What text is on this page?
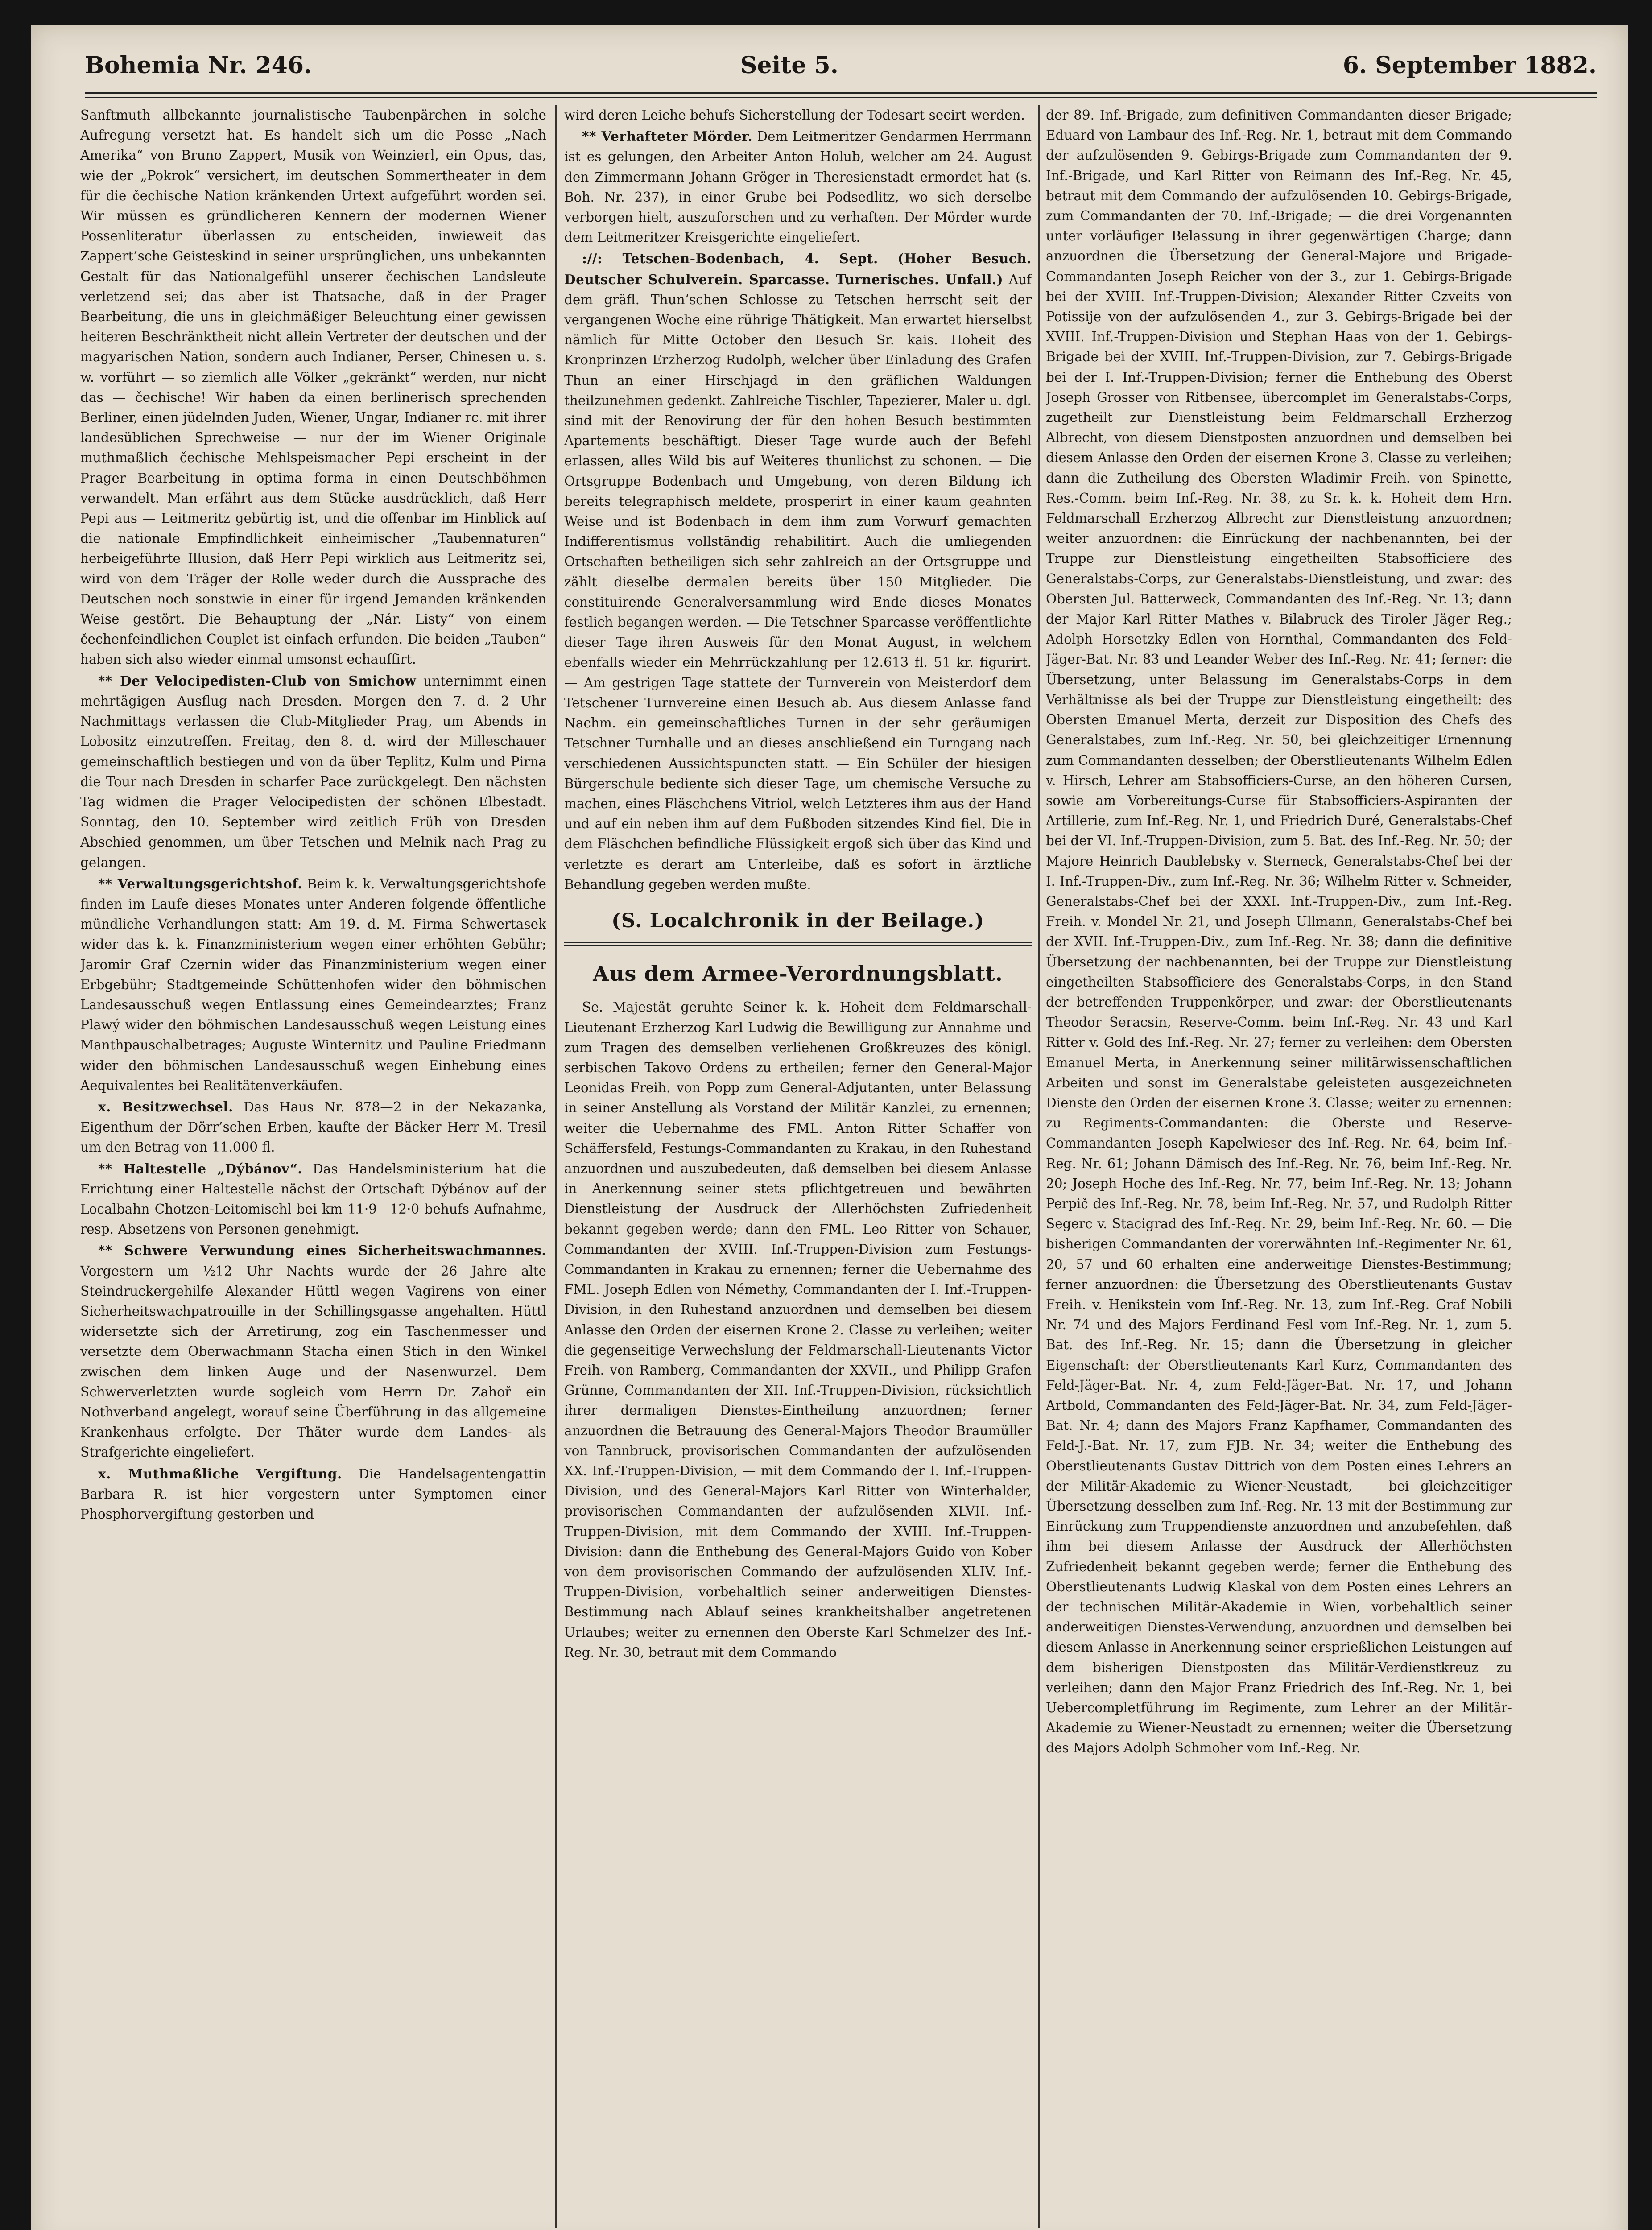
Bohemia Nr. 246.	Seite 5.	6. September 1882.

Sanftmuth allbekannte journalistische Taubenpärchen in solche Aufregung versetzt hat. Es handelt sich um die Posse „Nach Amerika“ von Bruno Zappert, Musik von Weinzierl, ein Opus, das, wie der „Pokrok“ versichert, im deutschen Sommertheater in dem für die čechische Nation kränkenden Urtext aufgeführt worden sei. Wir müssen es gründlicheren Kennern der modernen Wiener Possenliteratur überlassen zu entscheiden, inwieweit das Zappert’sche Geisteskind in seiner ursprünglichen, uns unbekannten Gestalt für das Nationalgefühl unserer čechischen Landsleute verletzend sei; das aber ist Thatsache, daß in der Prager Bearbeitung, die uns in gleichmäßiger Beleuchtung einer gewissen heiteren Beschränktheit nicht allein Vertreter der deutschen und der magyarischen Nation, sondern auch Indianer, Perser, Chinesen u. s. w. vorführt — so ziemlich alle Völker „gekränkt“ werden, nur nicht das — čechische! Wir haben da einen berlinerisch sprechenden Berliner, einen jüdelnden Juden, Wiener, Ungar, Indianer rc. mit ihrer landesüblichen Sprechweise — nur der im Wiener Originale muthmaßlich čechische Mehlspeismacher Pepi erscheint in der Prager Bearbeitung in optima forma in einen Deutschböhmen verwandelt. Man erfährt aus dem Stücke ausdrücklich, daß Herr Pepi aus — Leitmeritz gebürtig ist, und die offenbar im Hinblick auf die nationale Empfindlichkeit einheimischer „Taubennaturen“ herbeigeführte Illusion, daß Herr Pepi wirklich aus Leitmeritz sei, wird von dem Träger der Rolle weder durch die Aussprache des Deutschen noch sonstwie in einer für irgend Jemanden kränkenden Weise gestört. Die Behauptung der „Nár. Listy“ von einem čechenfeindlichen Couplet ist einfach erfunden. Die beiden „Tauben“ haben sich also wieder einmal umsonst echauffirt.

** Der Velocipedisten-Club von Smichow unternimmt einen mehrtägigen Ausflug nach Dresden. Morgen den 7. d. 2 Uhr Nachmittags verlassen die Club-Mitglieder Prag, um Abends in Lobositz einzutreffen. Freitag, den 8. d. wird der Milleschauer gemeinschaftlich bestiegen und von da über Teplitz, Kulm und Pirna die Tour nach Dresden in scharfer Pace zurückgelegt. Den nächsten Tag widmen die Prager Velocipedisten der schönen Elbestadt. Sonntag, den 10. September wird zeitlich Früh von Dresden Abschied genommen, um über Tetschen und Melnik nach Prag zu gelangen.

** Verwaltungsgerichtshof. Beim k. k. Verwaltungsgerichtshofe finden im Laufe dieses Monates unter Anderen folgende öffentliche mündliche Verhandlungen statt: Am 19. d. M. Firma Schwertasek wider das k. k. Finanzministerium wegen einer erhöhten Gebühr; Jaromir Graf Czernin wider das Finanzministerium wegen einer Erbgebühr; Stadtgemeinde Schüttenhofen wider den böhmischen Landesausschuß wegen Entlassung eines Gemeindearztes; Franz Plawý wider den böhmischen Landesausschuß wegen Leistung eines Manthpauschalbetrages; Auguste Winternitz und Pauline Friedmann wider den böhmischen Landesausschuß wegen Einhebung eines Aequivalentes bei Realitätenverkäufen.

x. Besitzwechsel. Das Haus Nr. 878—2 in der Nekazanka, Eigenthum der Dörr’schen Erben, kaufte der Bäcker Herr M. Tresil um den Betrag von 11.000 fl.

** Haltestelle „Dýbánov“. Das Handelsministerium hat die Errichtung einer Haltestelle nächst der Ortschaft Dýbánov auf der Localbahn Chotzen-Leitomischl bei km 11·9—12·0 behufs Aufnahme, resp. Absetzens von Personen genehmigt.

** Schwere Verwundung eines Sicherheitswachmannes. Vorgestern um ½12 Uhr Nachts wurde der 26 Jahre alte Steindruckergehilfe Alexander Hüttl wegen Vagirens von einer Sicherheitswachpatrouille in der Schillingsgasse angehalten. Hüttl widersetzte sich der Arretirung, zog ein Taschenmesser und versetzte dem Oberwachmann Stacha einen Stich in den Winkel zwischen dem linken Auge und der Nasenwurzel. Dem Schwerverletzten wurde sogleich vom Herrn Dr. Zahoř ein Nothverband angelegt, worauf seine Überführung in das allgemeine Krankenhaus erfolgte. Der Thäter wurde dem Landes- als Strafgerichte eingeliefert.

x. Muthmaßliche Vergiftung. Die Handelsagentengattin Barbara R. ist hier vorgestern unter Symptomen einer Phosphorvergiftung gestorben und

wird deren Leiche behufs Sicherstellung der Todesart secirt werden.

** Verhafteter Mörder. Dem Leitmeritzer Gendarmen Herrmann ist es gelungen, den Arbeiter Anton Holub, welcher am 24. August den Zimmermann Johann Gröger in Theresienstadt ermordet hat (s. Boh. Nr. 237), in einer Grube bei Podsedlitz, wo sich derselbe verborgen hielt, auszuforschen und zu verhaften. Der Mörder wurde dem Leitmeritzer Kreisgerichte eingeliefert.

://: Tetschen-Bodenbach, 4. Sept. (Hoher Besuch. Deutscher Schulverein. Sparcasse. Turnerisches. Unfall.) Auf dem gräfl. Thun’schen Schlosse zu Tetschen herrscht seit der vergangenen Woche eine rührige Thätigkeit. Man erwartet hierselbst nämlich für Mitte October den Besuch Sr. kais. Hoheit des Kronprinzen Erzherzog Rudolph, welcher über Einladung des Grafen Thun an einer Hirschjagd in den gräflichen Waldungen theilzunehmen gedenkt. Zahlreiche Tischler, Tapezierer, Maler u. dgl. sind mit der Renovirung der für den hohen Besuch bestimmten Apartements beschäftigt. Dieser Tage wurde auch der Befehl erlassen, alles Wild bis auf Weiteres thunlichst zu schonen. — Die Ortsgruppe Bodenbach und Umgebung, von deren Bildung ich bereits telegraphisch meldete, prosperirt in einer kaum geahnten Weise und ist Bodenbach in dem ihm zum Vorwurf gemachten Indifferentismus vollständig rehabilitirt. Auch die umliegenden Ortschaften betheiligen sich sehr zahlreich an der Ortsgruppe und zählt dieselbe dermalen bereits über 150 Mitglieder. Die constituirende Generalversammlung wird Ende dieses Monates festlich begangen werden. — Die Tetschner Sparcasse veröffentlichte dieser Tage ihren Ausweis für den Monat August, in welchem ebenfalls wieder ein Mehrrückzahlung per 12.613 fl. 51 kr. figurirt. — Am gestrigen Tage stattete der Turnverein von Meisterdorf dem Tetschener Turnvereine einen Besuch ab. Aus diesem Anlasse fand Nachm. ein gemeinschaftliches Turnen in der sehr geräumigen Tetschner Turnhalle und an dieses anschließend ein Turngang nach verschiedenen Aussichtspuncten statt. — Ein Schüler der hiesigen Bürgerschule bediente sich dieser Tage, um chemische Versuche zu machen, eines Fläschchens Vitriol, welch Letzteres ihm aus der Hand und auf ein neben ihm auf dem Fußboden sitzendes Kind fiel. Die in dem Fläschchen befindliche Flüssigkeit ergoß sich über das Kind und verletzte es derart am Unterleibe, daß es sofort in ärztliche Behandlung gegeben werden mußte.

(S. Localchronik in der Beilage.)
Aus dem Armee-Verordnungsblatt.

Se. Majestät geruhte Seiner k. k. Hoheit dem Feldmarschall-Lieutenant Erzherzog Karl Ludwig die Bewilligung zur Annahme und zum Tragen des demselben verliehenen Großkreuzes des königl. serbischen Takovo Ordens zu ertheilen; ferner den General-Major Leonidas Freih. von Popp zum General-Adjutanten, unter Belassung in seiner Anstellung als Vorstand der Militär Kanzlei, zu ernennen; weiter die Uebernahme des FML. Anton Ritter Schaffer von Schäffersfeld, Festungs-Commandanten zu Krakau, in den Ruhestand anzuordnen und auszubedeuten, daß demselben bei diesem Anlasse in Anerkennung seiner stets pflichtgetreuen und bewährten Dienstleistung der Ausdruck der Allerhöchsten Zufriedenheit bekannt gegeben werde; dann den FML. Leo Ritter von Schauer, Commandanten der XVIII. Inf.-Truppen-Division zum Festungs-Commandanten in Krakau zu ernennen; ferner die Uebernahme des FML. Joseph Edlen von Némethy, Commandanten der I. Inf.-Truppen-Division, in den Ruhestand anzuordnen und demselben bei diesem Anlasse den Orden der eisernen Krone 2. Classe zu verleihen; weiter die gegenseitige Verwechslung der Feldmarschall-Lieutenants Victor Freih. von Ramberg, Commandanten der XXVII., und Philipp Grafen Grünne, Commandanten der XII. Inf.-Truppen-Division, rücksichtlich ihrer dermaligen Dienstes-Eintheilung anzuordnen; ferner anzuordnen die Betrauung des General-Majors Theodor Braumüller von Tannbruck, provisorischen Commandanten der aufzulösenden XX. Inf.-Truppen-Division, — mit dem Commando der I. Inf.-Truppen-Division, und des General-Majors Karl Ritter von Winterhalder, provisorischen Commandanten der aufzulösenden XLVII. Inf.-Truppen-Division, mit dem Commando der XVIII. Inf.-Truppen-Division: dann die Enthebung des General-Majors Guido von Kober von dem provisorischen Commando der aufzulösenden XLIV. Inf.-Truppen-Division, vorbehaltlich seiner anderweitigen Dienstes-Bestimmung nach Ablauf seines krankheitshalber angetretenen Urlaubes; weiter zu ernennen den Oberste Karl Schmelzer des Inf.-Reg. Nr. 30, betraut mit dem Commando

der 89. Inf.-Brigade, zum definitiven Commandanten dieser Brigade; Eduard von Lambaur des Inf.-Reg. Nr. 1, betraut mit dem Commando der aufzulösenden 9. Gebirgs-Brigade zum Commandanten der 9. Inf.-Brigade, und Karl Ritter von Reimann des Inf.-Reg. Nr. 45, betraut mit dem Commando der aufzulösenden 10. Gebirgs-Brigade, zum Commandanten der 70. Inf.-Brigade; — die drei Vorgenannten unter vorläufiger Belassung in ihrer gegenwärtigen Charge; dann anzuordnen die Übersetzung der General-Majore und Brigade-Commandanten Joseph Reicher von der 3., zur 1. Gebirgs-Brigade bei der XVIII. Inf.-Truppen-Division; Alexander Ritter Czveits von Potissije von der aufzulösenden 4., zur 3. Gebirgs-Brigade bei der XVIII. Inf.-Truppen-Division und Stephan Haas von der 1. Gebirgs-Brigade bei der XVIII. Inf.-Truppen-Division, zur 7. Gebirgs-Brigade bei der I. Inf.-Truppen-Division; ferner die Enthebung des Oberst Joseph Grosser von Ritbensee, übercomplet im Generalstabs-Corps, zugetheilt zur Dienstleistung beim Feldmarschall Erzherzog Albrecht, von diesem Dienstposten anzuordnen und demselben bei diesem Anlasse den Orden der eisernen Krone 3. Classe zu verleihen; dann die Zutheilung des Obersten Wladimir Freih. von Spinette, Res.-Comm. beim Inf.-Reg. Nr. 38, zu Sr. k. k. Hoheit dem Hrn. Feldmarschall Erzherzog Albrecht zur Dienstleistung anzuordnen; weiter anzuordnen: die Einrückung der nachbenannten, bei der Truppe zur Dienstleistung eingetheilten Stabsofficiere des Generalstabs-Corps, zur Generalstabs-Dienstleistung, und zwar: des Obersten Jul. Batterweck, Commandanten des Inf.-Reg. Nr. 13; dann der Major Karl Ritter Mathes v. Bilabruck des Tiroler Jäger Reg.; Adolph Horsetzky Edlen von Hornthal, Commandanten des Feld-Jäger-Bat. Nr. 83 und Leander Weber des Inf.-Reg. Nr. 41; ferner: die Übersetzung, unter Belassung im Generalstabs-Corps in dem Verhältnisse als bei der Truppe zur Dienstleistung eingetheilt: des Obersten Emanuel Merta, derzeit zur Disposition des Chefs des Generalstabes, zum Inf.-Reg. Nr. 50, bei gleichzeitiger Ernennung zum Commandanten desselben; der Oberstlieutenants Wilhelm Edlen v. Hirsch, Lehrer am Stabsofficiers-Curse, an den höheren Cursen, sowie am Vorbereitungs-Curse für Stabsofficiers-Aspiranten der Artillerie, zum Inf.-Reg. Nr. 1, und Friedrich Duré, Generalstabs-Chef bei der VI. Inf.-Truppen-Division, zum 5. Bat. des Inf.-Reg. Nr. 50; der Majore Heinrich Daublebsky v. Sterneck, Generalstabs-Chef bei der I. Inf.-Truppen-Div., zum Inf.-Reg. Nr. 36; Wilhelm Ritter v. Schneider, Generalstabs-Chef bei der XXXI. Inf.-Truppen-Div., zum Inf.-Reg. Freih. v. Mondel Nr. 21, und Joseph Ullmann, Generalstabs-Chef bei der XVII. Inf.-Truppen-Div., zum Inf.-Reg. Nr. 38; dann die definitive Übersetzung der nachbenannten, bei der Truppe zur Dienstleistung eingetheilten Stabsofficiere des Generalstabs-Corps, in den Stand der betreffenden Truppenkörper, und zwar: der Oberstlieutenants Theodor Seracsin, Reserve-Comm. beim Inf.-Reg. Nr. 43 und Karl Ritter v. Gold des Inf.-Reg. Nr. 27; ferner zu verleihen: dem Obersten Emanuel Merta, in Anerkennung seiner militärwissenschaftlichen Arbeiten und sonst im Generalstabe geleisteten ausgezeichneten Dienste den Orden der eisernen Krone 3. Classe; weiter zu ernennen: zu Regiments-Commandanten: die Oberste und Reserve-Commandanten Joseph Kapelwieser des Inf.-Reg. Nr. 64, beim Inf.-Reg. Nr. 61; Johann Dämisch des Inf.-Reg. Nr. 76, beim Inf.-Reg. Nr. 20; Joseph Hoche des Inf.-Reg. Nr. 77, beim Inf.-Reg. Nr. 13; Johann Perpič des Inf.-Reg. Nr. 78, beim Inf.-Reg. Nr. 57, und Rudolph Ritter Segerc v. Stacigrad des Inf.-Reg. Nr. 29, beim Inf.-Reg. Nr. 60. — Die bisherigen Commandanten der vorerwähnten Inf.-Regimenter Nr. 61, 20, 57 und 60 erhalten eine anderweitige Dienstes-Bestimmung; ferner anzuordnen: die Übersetzung des Oberstlieutenants Gustav Freih. v. Henikstein vom Inf.-Reg. Nr. 13, zum Inf.-Reg. Graf Nobili Nr. 74 und des Majors Ferdinand Fesl vom Inf.-Reg. Nr. 1, zum 5. Bat. des Inf.-Reg. Nr. 15; dann die Übersetzung in gleicher Eigenschaft: der Oberstlieutenants Karl Kurz, Commandanten des Feld-Jäger-Bat. Nr. 4, zum Feld-Jäger-Bat. Nr. 17, und Johann Artbold, Commandanten des Feld-Jäger-Bat. Nr. 34, zum Feld-Jäger-Bat. Nr. 4; dann des Majors Franz Kapfhamer, Commandanten des Feld-J.-Bat. Nr. 17, zum FJB. Nr. 34; weiter die Enthebung des Oberstlieutenants Gustav Dittrich von dem Posten eines Lehrers an der Militär-Akademie zu Wiener-Neustadt, — bei gleichzeitiger Übersetzung desselben zum Inf.-Reg. Nr. 13 mit der Bestimmung zur Einrückung zum Truppendienste anzuordnen und anzubefehlen, daß ihm bei diesem Anlasse der Ausdruck der Allerhöchsten Zufriedenheit bekannt gegeben werde; ferner die Enthebung des Oberstlieutenants Ludwig Klaskal von dem Posten eines Lehrers an der technischen Militär-Akademie in Wien, vorbehaltlich seiner anderweitigen Dienstes-Verwendung, anzuordnen und demselben bei diesem Anlasse in Anerkennung seiner ersprießlichen Leistungen auf dem bisherigen Dienstposten das Militär-Verdienstkreuz zu verleihen; dann den Major Franz Friedrich des Inf.-Reg. Nr. 1, bei Uebercompletführung im Regimente, zum Lehrer an der Militär-Akademie zu Wiener-Neustadt zu ernennen; weiter die Übersetzung des Majors Adolph Schmoher vom Inf.-Reg. Nr.
